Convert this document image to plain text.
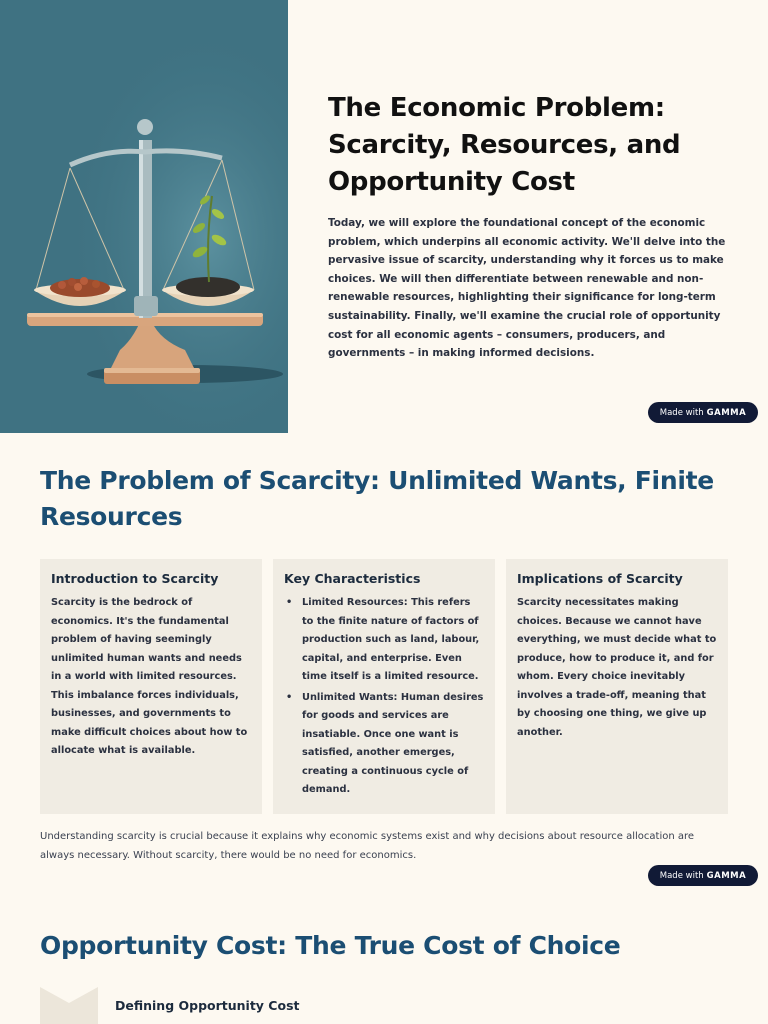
The Economic Problem: Scarcity, Resources, and Opportunity Cost

Today, we will explore the foundational concept of the economic problem, which underpins all economic activity. We'll delve into the pervasive issue of scarcity, understanding why it forces us to make choices. We will then differentiate between renewable and non-renewable resources, highlighting their significance for long-term sustainability. Finally, we'll examine the crucial role of opportunity cost for all economic agents – consumers, producers, and governments – in making informed decisions.

Made with GAMMA
The Problem of Scarcity: Unlimited Wants, Finite Resources
Introduction to Scarcity

Scarcity is the bedrock of economics. It's the fundamental problem of having seemingly unlimited human wants and needs in a world with limited resources. This imbalance forces individuals, businesses, and governments to make difficult choices about how to allocate what is available.

Key Characteristics
• Limited Resources: This refers to the finite nature of factors of production such as land, labour, capital, and enterprise. Even time itself is a limited resource.
• Unlimited Wants: Human desires for goods and services are insatiable. Once one want is satisfied, another emerges, creating a continuous cycle of demand.
Implications of Scarcity

Scarcity necessitates making choices. Because we cannot have everything, we must decide what to produce, how to produce it, and for whom. Every choice inevitably involves a trade-off, meaning that by choosing one thing, we give up another.

Understanding scarcity is crucial because it explains why economic systems exist and why decisions about resource allocation are always necessary. Without scarcity, there would be no need for economics.

Made with GAMMA
Opportunity Cost: The True Cost of Choice
Defining Opportunity Cost
